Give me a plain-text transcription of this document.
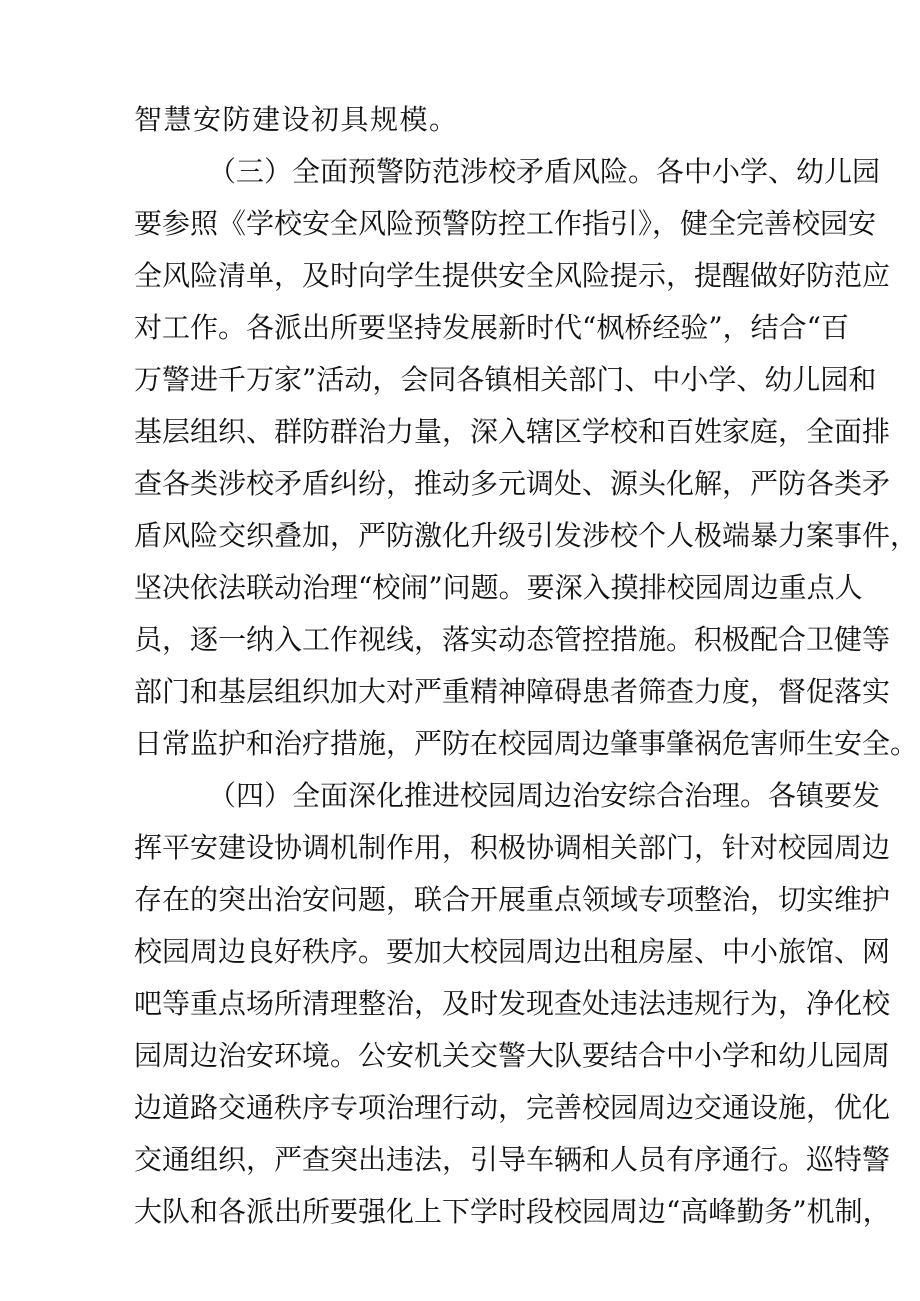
智慧安防建设初具规模。
（三）全面预警防范涉校矛盾风险。各中小学、幼儿园
要参照《学校安全风险预警防控工作指引》，健全完善校园安
全风险清单，及时向学生提供安全风险提示，提醒做好防范应
对工作。各派出所要坚持发展新时代“枫桥经验”，结合“百
万警进千万家”活动，会同各镇相关部门、中小学、幼儿园和
基层组织、群防群治力量，深入辖区学校和百姓家庭，全面排
查各类涉校矛盾纠纷，推动多元调处、源头化解，严防各类矛
盾风险交织叠加，严防激化升级引发涉校个人极端暴力案事件，
坚决依法联动治理“校闹”问题。要深入摸排校园周边重点人
员，逐一纳入工作视线，落实动态管控措施。积极配合卫健等
部门和基层组织加大对严重精神障碍患者筛查力度，督促落实
日常监护和治疗措施，严防在校园周边肇事肇祸危害师生安全。
（四）全面深化推进校园周边治安综合治理。各镇要发
挥平安建设协调机制作用，积极协调相关部门，针对校园周边
存在的突出治安问题，联合开展重点领域专项整治，切实维护
校园周边良好秩序。要加大校园周边出租房屋、中小旅馆、网
吧等重点场所清理整治，及时发现查处违法违规行为，净化校
园周边治安环境。公安机关交警大队要结合中小学和幼儿园周
边道路交通秩序专项治理行动，完善校园周边交通设施，优化
交通组织，严查突出违法，引导车辆和人员有序通行。巡特警
大队和各派出所要强化上下学时段校园周边“高峰勤务”机制，
